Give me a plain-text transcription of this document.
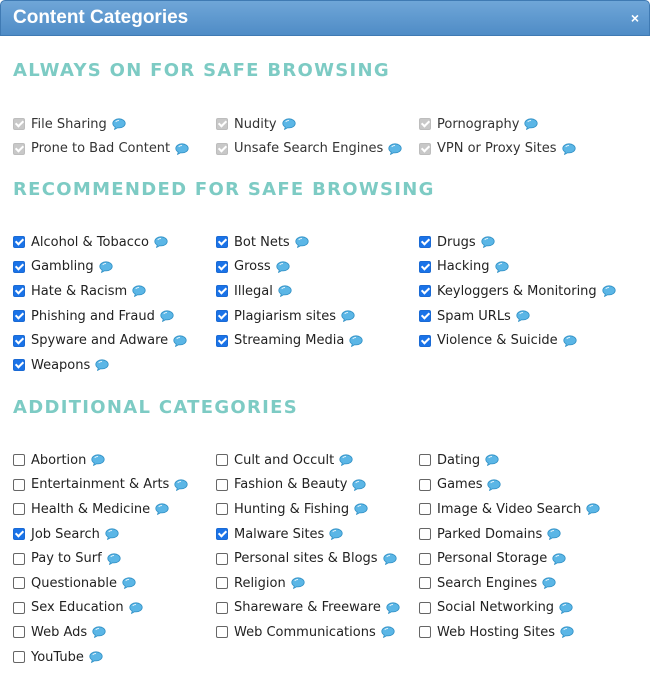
Content Categories	×
ALWAYS ON FOR SAFE BROWSING
File Sharing	Nudity	Pornography
Prone to Bad Content	Unsafe Search Engines	VPN or Proxy Sites
RECOMMENDED FOR SAFE BROWSING
Alcohol & Tobacco	Bot Nets	Drugs
Gambling	Gross	Hacking
Hate & Racism	Illegal	Keyloggers & Monitoring
Phishing and Fraud	Plagiarism sites	Spam URLs
Spyware and Adware	Streaming Media	Violence & Suicide
Weapons
ADDITIONAL CATEGORIES
Abortion	Cult and Occult	Dating
Entertainment & Arts	Fashion & Beauty	Games
Health & Medicine	Hunting & Fishing	Image & Video Search
Job Search	Malware Sites	Parked Domains
Pay to Surf	Personal sites & Blogs	Personal Storage
Questionable	Religion	Search Engines
Sex Education	Shareware & Freeware	Social Networking
Web Ads	Web Communications	Web Hosting Sites
YouTube
